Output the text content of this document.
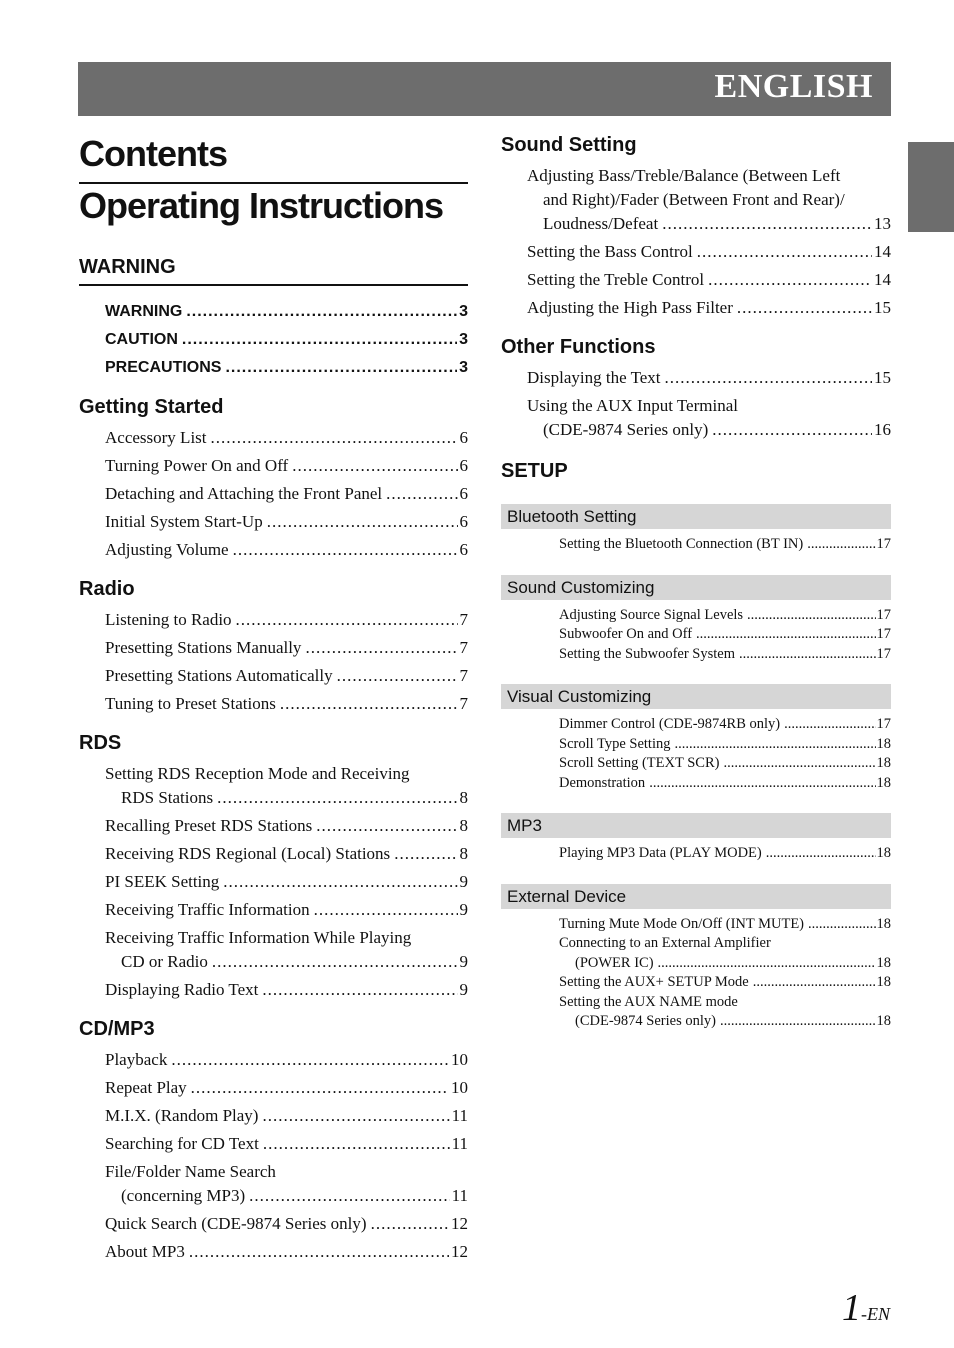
ENGLISH
Contents
Operating Instructions
WARNING
WARNING .....	3
CAUTION .....	3
PRECAUTIONS .....	3
Getting Started
Accessory List .....	6
Turning Power On and Off .....	6
Detaching and Attaching the Front Panel .....	6
Initial System Start-Up .....	6
Adjusting Volume .....	6
Radio
Listening to Radio .....	7
Presetting Stations Manually .....	7
Presetting Stations Automatically .....	7
Tuning to Preset Stations .....	7
RDS
Setting RDS Reception Mode and Receiving
RDS Stations .....	8
Recalling Preset RDS Stations .....	8
Receiving RDS Regional (Local) Stations .....	8
PI SEEK Setting .....	9
Receiving Traffic Information .....	9
Receiving Traffic Information While Playing
CD or Radio .....	9
Displaying Radio Text .....	9
CD/MP3
Playback .....	10
Repeat Play .....	10
M.I.X. (Random Play) .....	11
Searching for CD Text .....	11
File/Folder Name Search
(concerning MP3) .....	11
Quick Search (CDE-9874 Series only) .....	12
About MP3 .....	12
Sound Setting
Adjusting Bass/Treble/Balance (Between Left
and Right)/Fader (Between Front and Rear)/
Loudness/Defeat .....	13
Setting the Bass Control .....	14
Setting the Treble Control .....	14
Adjusting the High Pass Filter .....	15
Other Functions
Displaying the Text .....	15
Using the AUX Input Terminal
(CDE-9874 Series only) .....	16
SETUP
Bluetooth Setting
Setting the Bluetooth Connection (BT IN) .....	17
Sound Customizing
Adjusting Source Signal Levels .....	17
Subwoofer On and Off .....	17
Setting the Subwoofer System .....	17
Visual Customizing
Dimmer Control (CDE-9874RB only) .....	17
Scroll Type Setting .....	18
Scroll Setting (TEXT SCR) .....	18
Demonstration .....	18
MP3
Playing MP3 Data (PLAY MODE) .....	18
External Device
Turning Mute Mode On/Off (INT MUTE) .....	18
Connecting to an External Amplifier
(POWER IC) .....	18
Setting the AUX+ SETUP Mode .....	18
Setting the AUX NAME mode
(CDE-9874 Series only) .....	18
1-EN
